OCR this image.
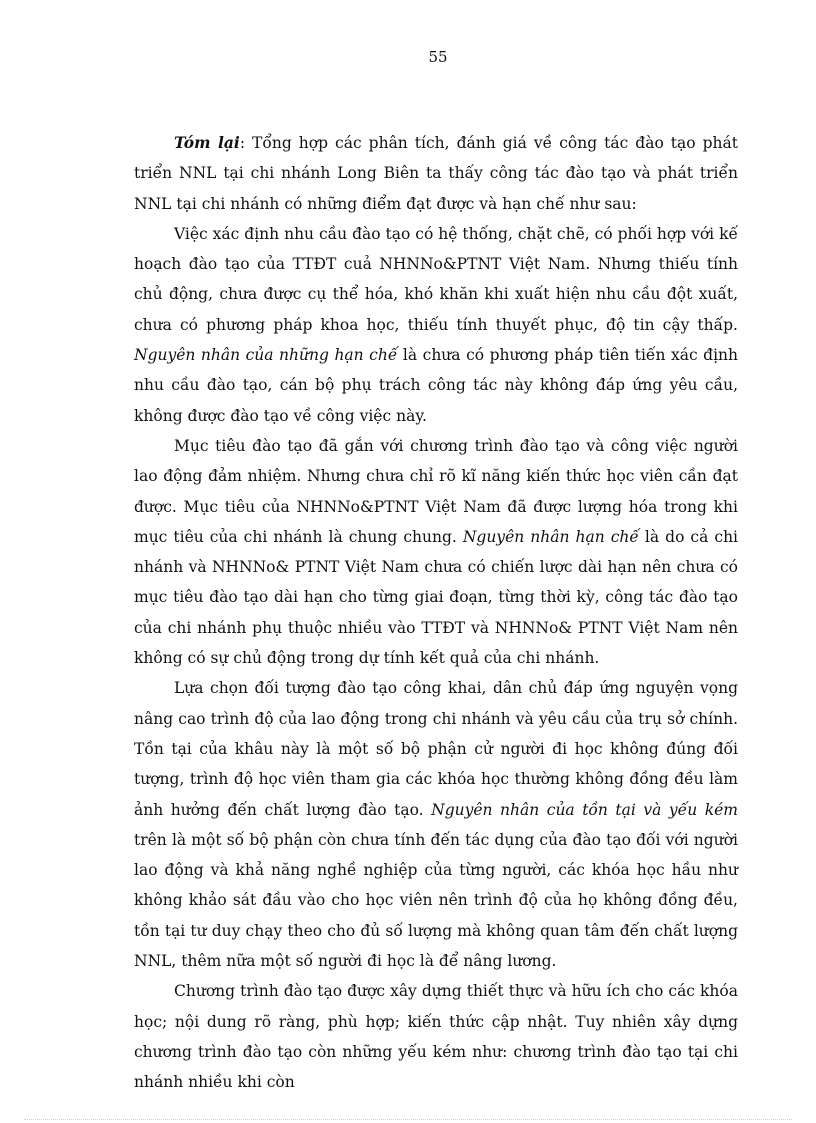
55

Tóm lại: Tổng hợp các phân tích, đánh giá về công tác đào tạo phát triển NNL tại chi nhánh Long Biên ta thấy công tác đào tạo và phát triển NNL tại chi nhánh có những điểm đạt được và hạn chế như sau:

Việc xác định nhu cầu đào tạo có hệ thống, chặt chẽ, có phối hợp với kế hoạch đào tạo của TTĐT cuả NHNNo&PTNT Việt Nam. Nhưng thiếu tính chủ động, chưa được cụ thể hóa, khó khăn khi xuất hiện nhu cầu đột xuất, chưa có phương pháp khoa học, thiếu tính thuyết phục, độ tin cậy thấp. Nguyên nhân của những hạn chế là chưa có phương pháp tiên tiến xác định nhu cầu đào tạo, cán bộ phụ trách công tác này không đáp ứng yêu cầu, không được đào tạo về công việc này.

Mục tiêu đào tạo đã gắn với chương trình đào tạo và công việc người lao động đảm nhiệm. Nhưng chưa chỉ rõ kĩ năng kiến thức học viên cần đạt được. Mục tiêu của NHNNo&PTNT Việt Nam đã được lượng hóa trong khi mục tiêu của chi nhánh là chung chung. Nguyên nhân hạn chế là do cả chi nhánh và NHNNo& PTNT Việt Nam chưa có chiến lược dài hạn nên chưa có mục tiêu đào tạo dài hạn cho từng giai đoạn, từng thời kỳ, công tác đào tạo của chi nhánh phụ thuộc nhiều vào TTĐT và NHNNo& PTNT Việt Nam nên không có sự chủ động trong dự tính kết quả của chi nhánh.

Lựa chọn đối tượng đào tạo công khai, dân chủ đáp ứng nguyện vọng nâng cao trình độ của lao động trong chi nhánh và yêu cầu của trụ sở chính. Tồn tại của khâu này là một số bộ phận cử người đi học không đúng đối tượng, trình độ học viên tham gia các khóa học thường không đồng đều làm ảnh hưởng đến chất lượng đào tạo. Nguyên nhân của tồn tại và yếu kém trên là một số bộ phận còn chưa tính đến tác dụng của đào tạo đối với người lao động và khả năng nghề nghiệp của từng người, các khóa học hầu như không khảo sát đầu vào cho học viên nên trình độ của họ không đồng đều, tồn tại tư duy chạy theo cho đủ số lượng mà không quan tâm đến chất lượng NNL, thêm nữa một số người đi học là để nâng lương.

Chương trình đào tạo được xây dựng thiết thực và hữu ích cho các khóa học; nội dung rõ ràng, phù hợp; kiến thức cập nhật. Tuy nhiên xây dựng chương trình đào tạo còn những yếu kém như: chương trình đào tạo tại chi nhánh nhiều khi còn
